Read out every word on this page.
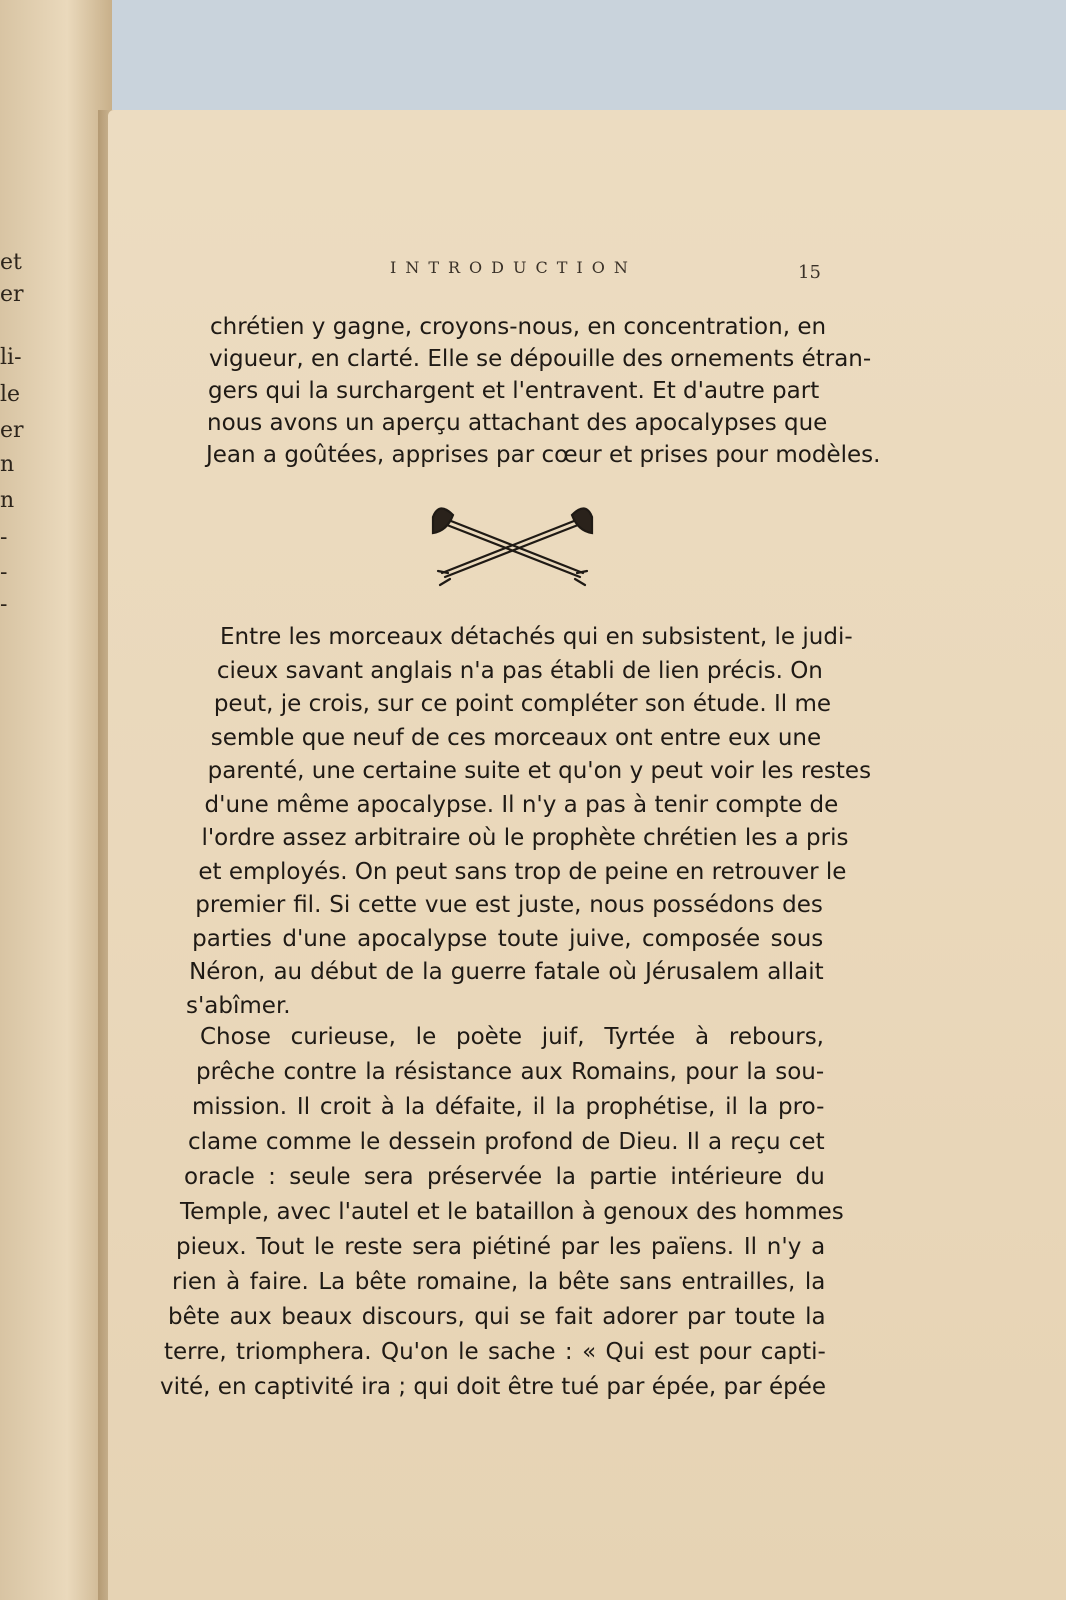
et
er
li-
le
er
n
n
-
-
-
INTRODUCTION	15
chrétien y gagne, croyons-nous, en concentration, en
vigueur, en clarté. Elle se dépouille des ornements étran-
gers qui la surchargent et l'entravent. Et d'autre part
nous avons un aperçu attachant des apocalypses que
Jean a goûtées, apprises par cœur et prises pour modèles.
Entre les morceaux détachés qui en subsistent, le judi-
cieux savant anglais n'a pas établi de lien précis. On
peut, je crois, sur ce point compléter son étude. Il me
semble que neuf de ces morceaux ont entre eux une
parenté, une certaine suite et qu'on y peut voir les restes
d'une même apocalypse. Il n'y a pas à tenir compte de
l'ordre assez arbitraire où le prophète chrétien les a pris
et employés. On peut sans trop de peine en retrouver le
premier fil. Si cette vue est juste, nous possédons des
parties d'une apocalypse toute juive, composée sous
Néron, au début de la guerre fatale où Jérusalem allait
s'abîmer.
Chose curieuse, le poète juif, Tyrtée à rebours,
prêche contre la résistance aux Romains, pour la sou-
mission. Il croit à la défaite, il la prophétise, il la pro-
clame comme le dessein profond de Dieu. Il a reçu cet
oracle : seule sera préservée la partie intérieure du
Temple, avec l'autel et le bataillon à genoux des hommes
pieux. Tout le reste sera piétiné par les païens. Il n'y a
rien à faire. La bête romaine, la bête sans entrailles, la
bête aux beaux discours, qui se fait adorer par toute la
terre, triomphera. Qu'on le sache : « Qui est pour capti-
vité, en captivité ira ; qui doit être tué par épée, par épée
